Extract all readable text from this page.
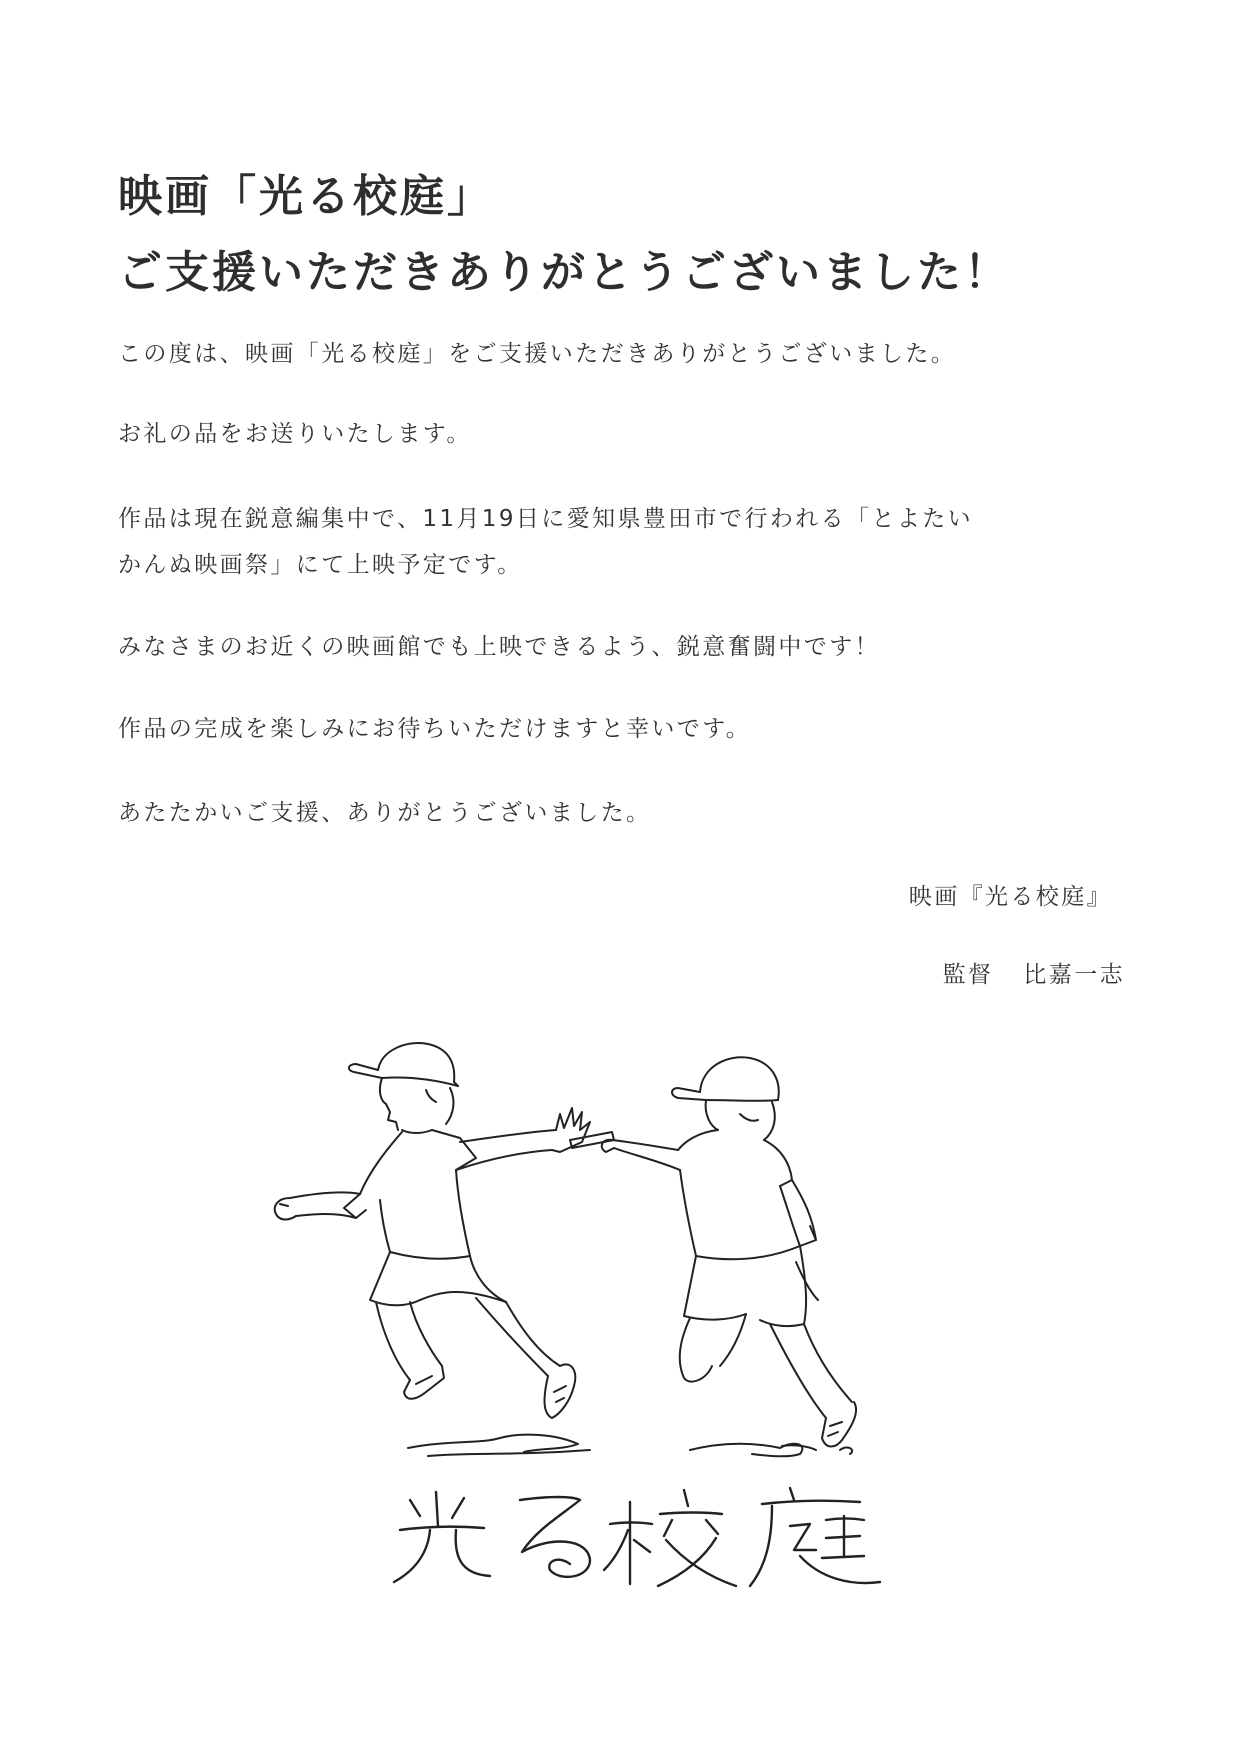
映画「光る校庭」
ご支援いただきありがとうございました！

この度は、映画「光る校庭」をご支援いただきありがとうございました。

お礼の品をお送りいたします。

作品は現在鋭意編集中で、11月19日に愛知県豊田市で行われる「とよたい
かんぬ映画祭」にて上映予定です。

みなさまのお近くの映画館でも上映できるよう、鋭意奮闘中です！

作品の完成を楽しみにお待ちいただけますと幸いです。

あたたかいご支援、ありがとうございました。

映画『光る校庭』

監督 比嘉一志
